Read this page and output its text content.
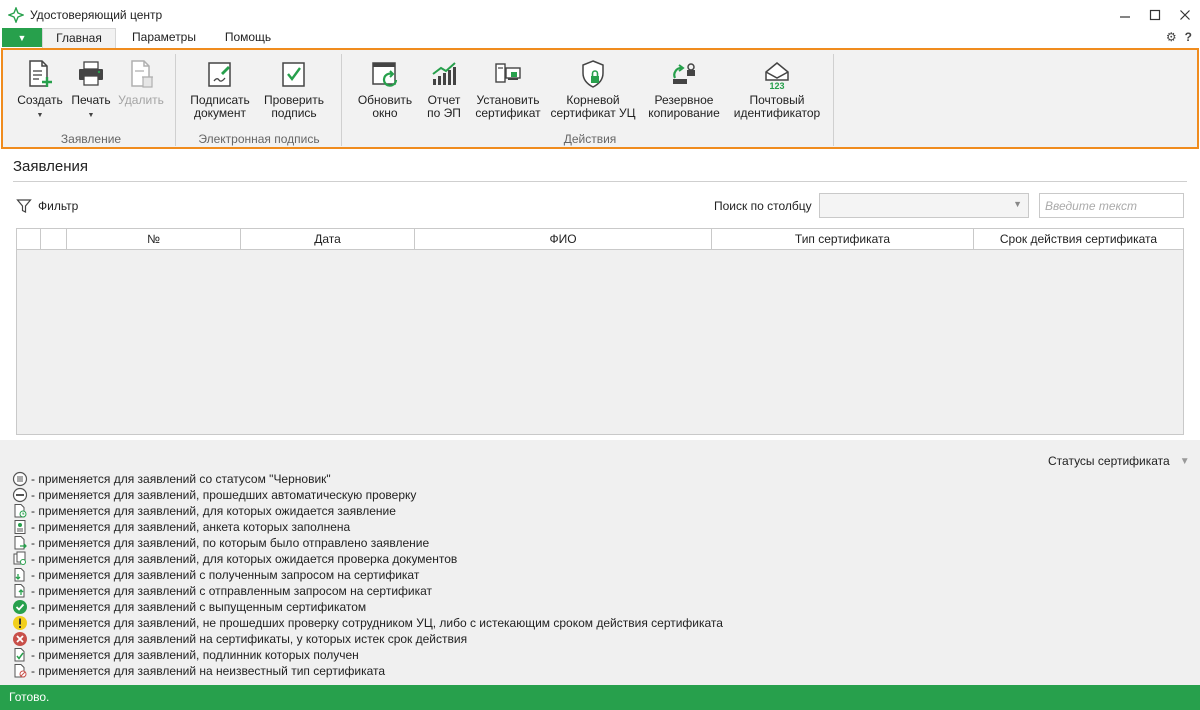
Удостоверяющий центр
▼	Главная	Параметры	Помощь	⚙ ?
Создать
▼
Печать
▼
Удалить
Заявление
Подписать
документ
Проверить
подпись
Электронная подпись
Обновить
окно
Отчет
по ЭП
Установить
сертификат
Корневой
сертификат УЦ
Резервное
копирование
123
Почтовый
идентификатор
Действия
Заявления
Фильтр	Поиск по столбцу	▼
Введите текст
№	Дата	ФИО	Тип сертификата	Срок действия сертификата
Статусы сертификата ▼
- применяется для заявлений со статусом "Черновик"
- применяется для заявлений, прошедших автоматическую проверку
- применяется для заявлений, для которых ожидается заявление
- применяется для заявлений, анкета которых заполнена
- применяется для заявлений, по которым было отправлено заявление
- применяется для заявлений, для которых ожидается проверка документов
- применяется для заявлений с полученным запросом на сертификат
- применяется для заявлений с отправленным запросом на сертификат
- применяется для заявлений с выпущенным сертификатом
- применяется для заявлений, не прошедших проверку сотрудником УЦ, либо с истекающим сроком действия сертификата
- применяется для заявлений на сертификаты, у которых истек срок действия
- применяется для заявлений, подлинник которых получен
- применяется для заявлений на неизвестный тип сертификата
Готово.
